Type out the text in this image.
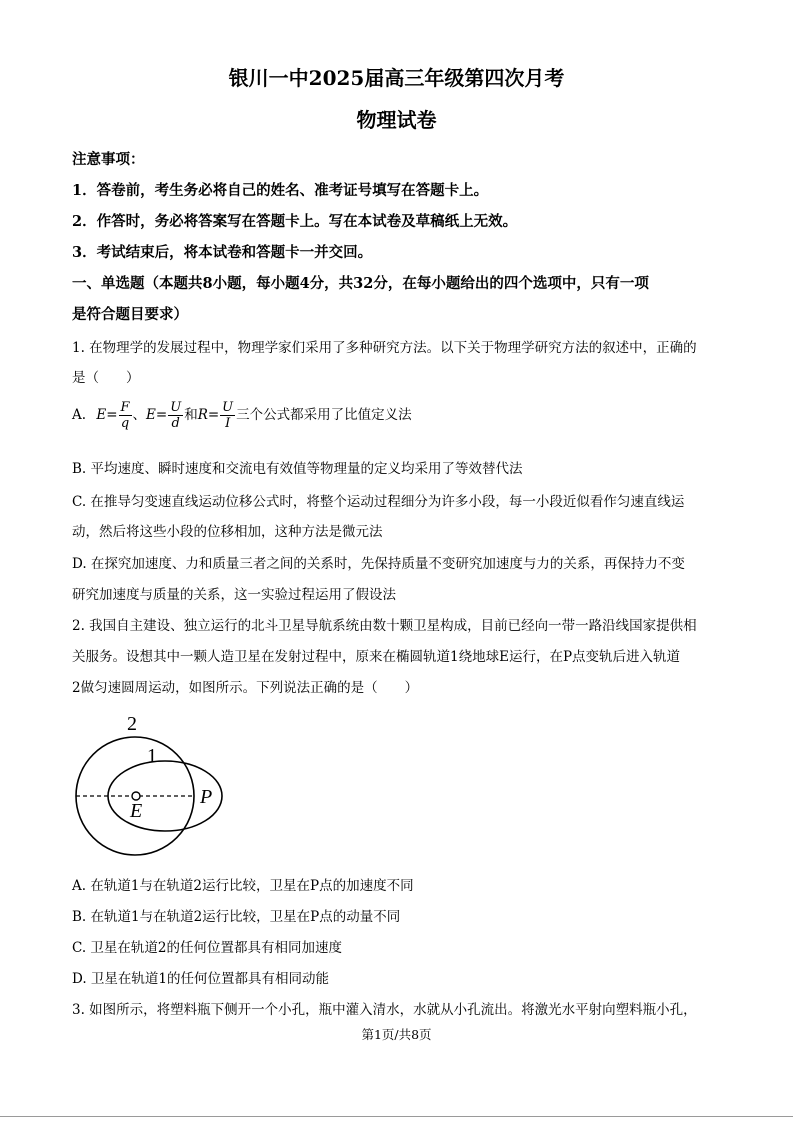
银川一中2025届高三年级第四次月考
物理试卷
注意事项：
1．答卷前，考生务必将自己的姓名、准考证号填写在答题卡上。
2．作答时，务必将答案写在答题卡上。写在本试卷及草稿纸上无效。
3．考试结束后，将本试卷和答题卡一并交回。
一、单选题（本题共8小题，每小题4分，共32分，在每小题给出的四个选项中，只有一项
是符合题目要求）
1. 在物理学的发展过程中，物理学家们采用了多种研究方法。以下关于物理学研究方法的叙述中，正确的
是（　　）
A. $E= \frac{F}{q}$ 、$E= \frac{U}{d}$ 和$R= \frac{U}{I}$ 三个公式都采用了比值定义法
B. 平均速度、瞬时速度和交流电有效值等物理量的定义均采用了等效替代法
C. 在推导匀变速直线运动位移公式时，将整个运动过程细分为许多小段，每一小段近似看作匀速直线运
动，然后将这些小段的位移相加，这种方法是微元法
D. 在探究加速度、力和质量三者之间的关系时，先保持质量不变研究加速度与力的关系，再保持力不变
研究加速度与质量的关系，这一实验过程运用了假设法
2. 我国自主建设、独立运行的北斗卫星导航系统由数十颗卫星构成，目前已经向一带一路沿线国家提供相
关服务。设想其中一颗人造卫星在发射过程中，原来在椭圆轨道1绕地球E运行，在P点变轨后进入轨道
2做匀速圆周运动，如图所示。下列说法正确的是（　　）
2
1
E
P
A. 在轨道1与在轨道2运行比较，卫星在P点的加速度不同
B. 在轨道1与在轨道2运行比较，卫星在P点的动量不同
C. 卫星在轨道2的任何位置都具有相同加速度
D. 卫星在轨道1的任何位置都具有相同动能
3. 如图所示，将塑料瓶下侧开一个小孔，瓶中灌入清水，水就从小孔流出。将激光水平射向塑料瓶小孔，
第1页/共8页
